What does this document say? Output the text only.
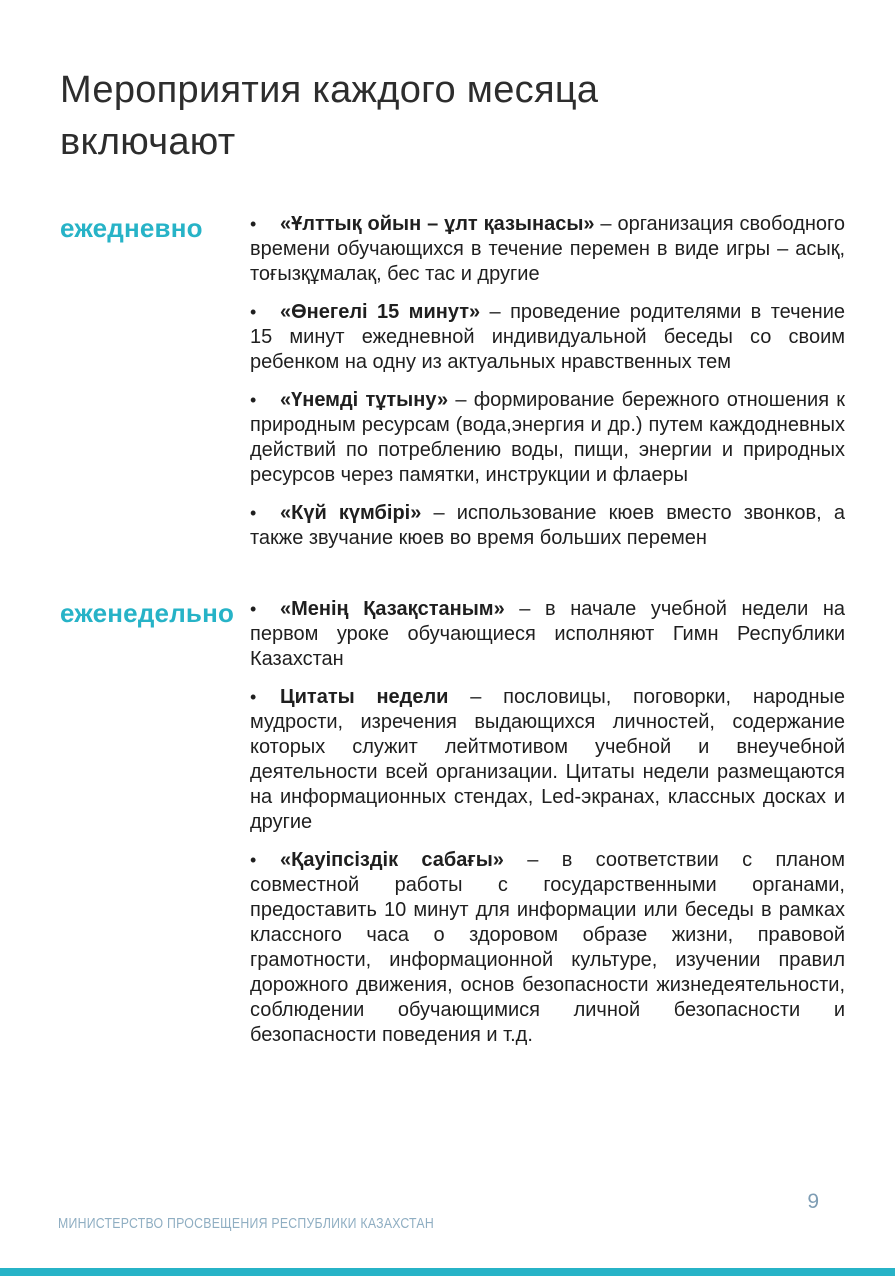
Мероприятия каждого месяца
включают
ежедневно	• «Ұлттық ойын – ұлт қазынасы» – организация свободного времени обучающихся в течение перемен в виде игры – асық, тоғызқұмалақ, бес тас и другие

• «Өнегелі 15 минут» – проведение родителями в течение 15 минут ежедневной индивидуальной беседы со своим ребенком на одну из актуальных нравственных тем

• «Үнемді тұтыну» – формирование бережного отношения к природным ресурсам (вода,энергия и др.) путем каждодневных действий по потреблению воды, пищи, энергии и природных ресурсов через памятки, инструкции и флаеры

• «Күй күмбірі» – использование кюев вместо звонков, а также звучание кюев во время больших перемен

еженедельно • «Менің Қазақстаным» – в начале учебной недели на первом уроке обучающиеся исполняют Гимн Республики Казахстан

• Цитаты недели – пословицы, поговорки, народные мудрости, изречения выдающихся личностей, содержание которых служит лейтмотивом учебной и внеучебной деятельности всей организации. Цитаты недели размещаются на информационных стендах, Led-экранах, классных досках и другие

• «Қауіпсіздік сабағы» – в соответствии с планом совместной работы с государственными органами, предоставить 10 минут для информации или беседы в рамках классного часа о здоровом образе жизни, правовой грамотности, информационной культуре, изучении правил дорожного движения, основ безопасности жизнедеятельности, соблюдении обучающимися личной безопасности и безопасности поведения и т.д.

МИНИСТЕРСТВО ПРОСВЕЩЕНИЯ РЕСПУБЛИКИ КАЗАХСТАН
9
